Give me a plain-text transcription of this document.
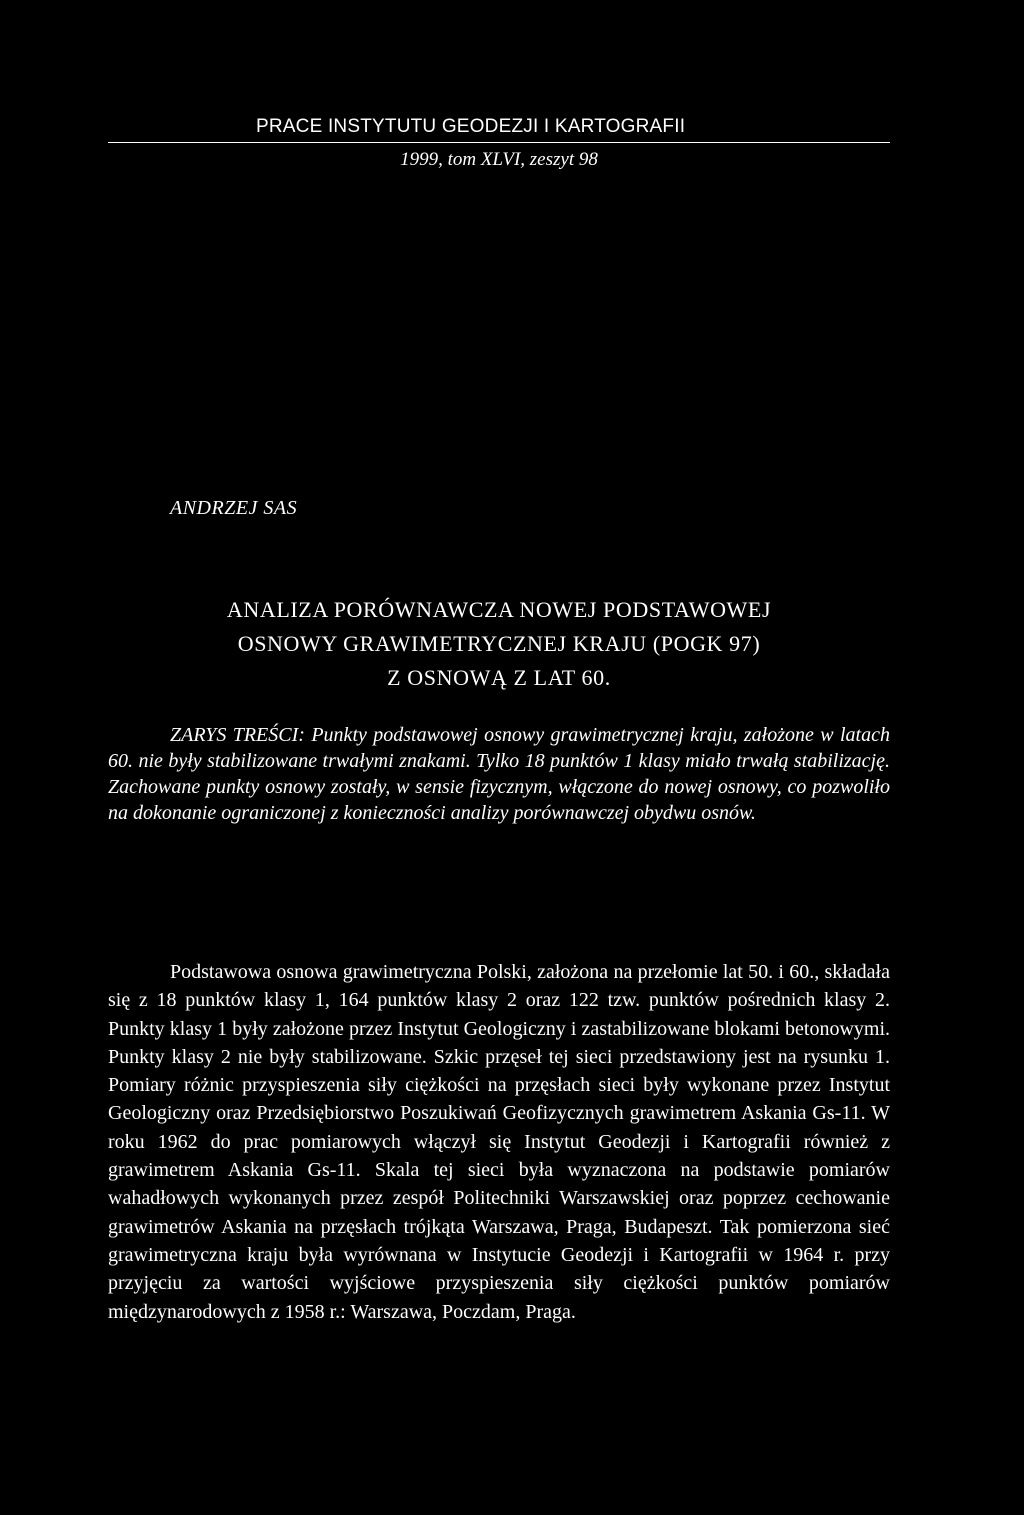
PRACE INSTYTUTU GEODEZJI I KARTOGRAFII
1999, tom XLVI, zeszyt 98
ANDRZEJ SAS
ANALIZA PORÓWNAWCZA NOWEJ PODSTAWOWEJ
OSNOWY GRAWIMETRYCZNEJ KRAJU (POGK 97)
Z OSNOWĄ Z LAT 60.
ZARYS TREŚCI: Punkty podstawowej osnowy grawimetrycznej kraju, założone w latach 60. nie były stabilizowane trwałymi znakami. Tylko 18 punktów 1 klasy miało trwałą stabilizację. Zachowane punkty osnowy zostały, w sensie fizycznym, włączone do nowej osnowy, co pozwoliło na dokonanie ograniczonej z konieczności analizy porównawczej obydwu osnów.
Podstawowa osnowa grawimetryczna Polski, założona na przełomie lat 50. i 60., składała się z 18 punktów klasy 1, 164 punktów klasy 2 oraz 122 tzw. punktów pośrednich klasy 2. Punkty klasy 1 były założone przez Instytut Geologiczny i zastabilizowane blokami betonowymi. Punkty klasy 2 nie były stabilizowane. Szkic przęseł tej sieci przedstawiony jest na rysunku 1. Pomiary różnic przyspieszenia siły ciężkości na przęsłach sieci były wykonane przez Instytut Geologiczny oraz Przedsiębiorstwo Poszukiwań Geofizycznych grawimetrem Askania Gs-11. W roku 1962 do prac pomiarowych włączył się Instytut Geodezji i Kartografii również z grawimetrem Askania Gs-11. Skala tej sieci była wyznaczona na podstawie pomiarów wahadłowych wykonanych przez zespół Politechniki Warszawskiej oraz poprzez cechowanie grawimetrów Askania na przęsłach trójkąta Warszawa, Praga, Budapeszt. Tak pomierzona sieć grawimetryczna kraju była wyrównana w Instytucie Geodezji i Kartografii w 1964 r. przy przyjęciu za wartości wyjściowe przyspieszenia siły ciężkości punktów pomiarów międzynarodowych z 1958 r.: Warszawa, Poczdam, Praga.
